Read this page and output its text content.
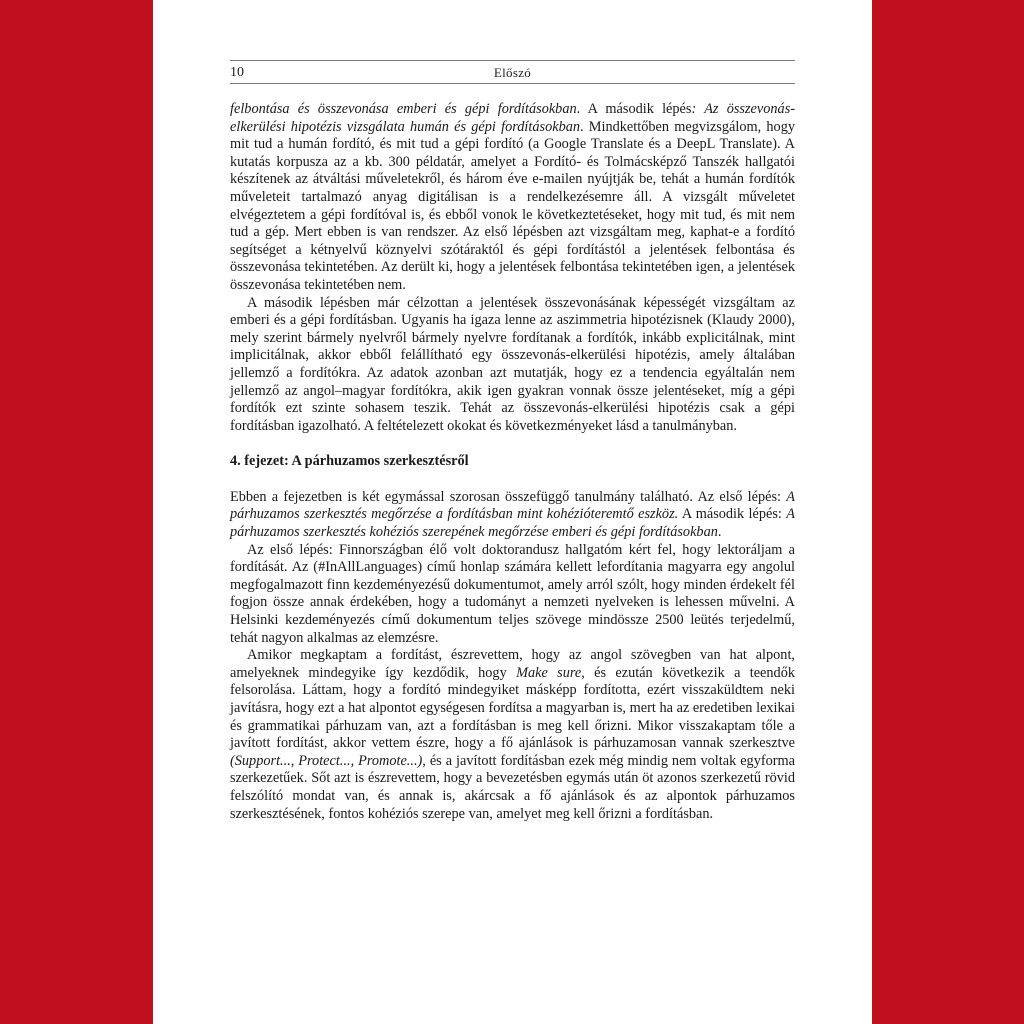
10	Előszó

felbontása és összevonása emberi és gépi fordításokban. A második lépés: Az összevonás-elkerülési hipotézis vizsgálata humán és gépi fordításokban. Mindkettőben megvizsgálom, hogy mit tud a humán fordító, és mit tud a gépi fordító (a Google Translate és a DeepL Translate). A kutatás korpusza az a kb. 300 példatár, amelyet a Fordító- és Tolmácsképző Tanszék hallgatói készítenek az átváltási műveletekről, és három éve e-mailen nyújtják be, tehát a humán fordítók műveleteit tartalmazó anyag digitálisan is a rendelkezésemre áll. A vizsgált műveletet elvégeztetem a gépi fordítóval is, és ebből vonok le következtetéseket, hogy mit tud, és mit nem tud a gép. Mert ebben is van rendszer. Az első lépésben azt vizsgáltam meg, kaphat-e a fordító segítséget a kétnyelvű köznyelvi szótáraktól és gépi fordítástól a jelentések felbontása és összevonása tekintetében. Az derült ki, hogy a jelentések felbontása tekintetében igen, a jelentések összevonása tekintetében nem.

A második lépésben már célzottan a jelentések összevonásának képességét vizsgáltam az emberi és a gépi fordításban. Ugyanis ha igaza lenne az aszimmetria hipotézisnek (Klaudy 2000), mely szerint bármely nyelvről bármely nyelvre fordítanak a fordítók, inkább explicitálnak, mint implicitálnak, akkor ebből felállítható egy összevonás-elkerülési hipotézis, amely általában jellemző a fordítókra. Az adatok azonban azt mutatják, hogy ez a tendencia egyáltalán nem jellemző az angol–magyar fordítókra, akik igen gyakran vonnak össze jelentéseket, míg a gépi fordítók ezt szinte sohasem teszik. Tehát az összevonás-elkerülési hipotézis csak a gépi fordításban igazolható. A feltételezett okokat és következményeket lásd a tanulmányban.

4. fejezet: A párhuzamos szerkesztésről

Ebben a fejezetben is két egymással szorosan összefüggő tanulmány található. Az első lépés: A párhuzamos szerkesztés megőrzése a fordításban mint kohézióteremtő eszköz. A második lépés: A párhuzamos szerkesztés kohéziós szerepének megőrzése emberi és gépi fordításokban.

Az első lépés: Finnországban élő volt doktorandusz hallgatóm kért fel, hogy lektoráljam a fordítását. Az (#InAllLanguages) című honlap számára kellett lefordítania magyarra egy angolul megfogalmazott finn kezdeményezésű dokumentumot, amely arról szólt, hogy minden érdekelt fél fogjon össze annak érdekében, hogy a tudományt a nemzeti nyelveken is lehessen művelni. A Helsinki kezdeményezés című dokumentum teljes szövege mindössze 2500 leütés terjedelmű, tehát nagyon alkalmas az elemzésre.

Amikor megkaptam a fordítást, észrevettem, hogy az angol szövegben van hat alpont, amelyeknek mindegyike így kezdődik, hogy Make sure, és ezután következik a teendők felsorolása. Láttam, hogy a fordító mindegyiket másképp fordította, ezért visszaküldtem neki javításra, hogy ezt a hat alpontot egységesen fordítsa a magyarban is, mert ha az eredetiben lexikai és grammatikai párhuzam van, azt a fordításban is meg kell őrizni. Mikor visszakaptam tőle a javított fordítást, akkor vettem észre, hogy a fő ajánlások is párhuzamosan vannak szerkesztve (Support..., Protect..., Promote...), és a javított fordításban ezek még mindig nem voltak egyforma szerkezetűek. Sőt azt is észrevettem, hogy a bevezetésben egymás után öt azonos szerkezetű rövid felszólító mondat van, és annak is, akárcsak a fő ajánlások és az alpontok párhuzamos szerkesztésének, fontos kohéziós szerepe van, amelyet meg kell őrizni a fordításban.
